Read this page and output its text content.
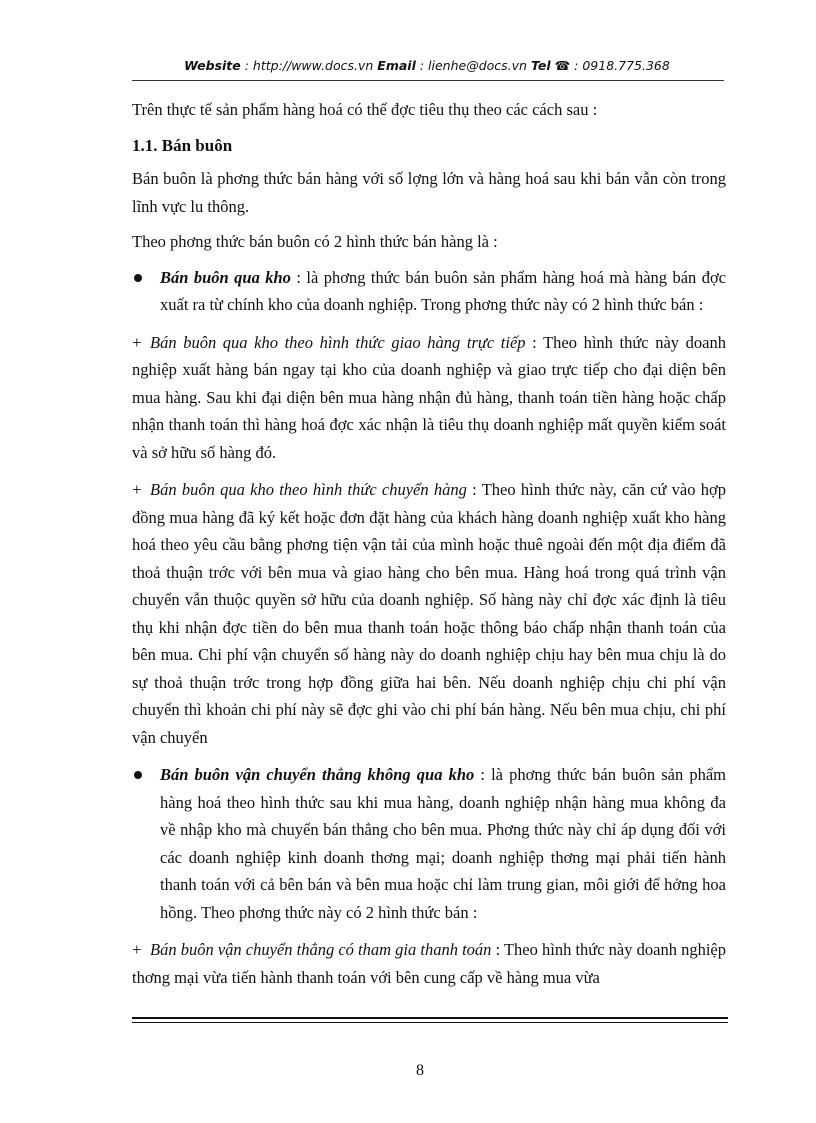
Website : http://www.docs.vn Email : lienhe@docs.vn Tel ☎ : 0918.775.368

Trên thực tế sản phẩm hàng hoá có thể đợc tiêu thụ theo các cách sau :

1.1. Bán buôn

Bán buôn là phơng thức bán hàng với số lợng lớn và hàng hoá sau khi bán vẫn còn trong lĩnh vực lu thông.

Theo phơng thức bán buôn có 2 hình thức bán hàng là :

Bán buôn qua kho : là phơng thức bán buôn sản phẩm hàng hoá mà hàng bán đợc xuất ra từ chính kho của doanh nghiệp. Trong phơng thức này có 2 hình thức bán :

+ Bán buôn qua kho theo hình thức giao hàng trực tiếp : Theo hình thức này doanh nghiệp xuất hàng bán ngay tại kho của doanh nghiệp và giao trực tiếp cho đại diện bên mua hàng. Sau khi đại diện bên mua hàng nhận đủ hàng, thanh toán tiền hàng hoặc chấp nhận thanh toán thì hàng hoá đợc xác nhận là tiêu thụ doanh nghiệp mất quyền kiểm soát và sở hữu số hàng đó.

+ Bán buôn qua kho theo hình thức chuyển hàng : Theo hình thức này, căn cứ vào hợp đồng mua hàng đã ký kết hoặc đơn đặt hàng của khách hàng doanh nghiệp xuất kho hàng hoá theo yêu cầu bằng phơng tiện vận tải của mình hoặc thuê ngoài đến một địa điểm đã thoả thuận trớc với bên mua và giao hàng cho bên mua. Hàng hoá trong quá trình vận chuyển vẫn thuộc quyền sở hữu của doanh nghiệp. Số hàng này chỉ đợc xác định là tiêu thụ khi nhận đợc tiền do bên mua thanh toán hoặc thông báo chấp nhận thanh toán của bên mua. Chi phí vận chuyển số hàng này do doanh nghiệp chịu hay bên mua chịu là do sự thoả thuận trớc trong hợp đồng giữa hai bên. Nếu doanh nghiệp chịu chi phí vận chuyển thì khoản chi phí này sẽ đợc ghi vào chi phí bán hàng. Nếu bên mua chịu, chi phí vận chuyển

Bán buôn vận chuyển thẳng không qua kho : là phơng thức bán buôn sản phẩm hàng hoá theo hình thức sau khi mua hàng, doanh nghiệp nhận hàng mua không đa về nhập kho mà chuyển bán thẳng cho bên mua. Phơng thức này chỉ áp dụng đối với các doanh nghiệp kinh doanh thơng mại; doanh nghiệp thơng mại phải tiến hành thanh toán với cả bên bán và bên mua hoặc chỉ làm trung gian, môi giới để hởng hoa hồng. Theo phơng thức này có 2 hình thức bán :

+ Bán buôn vận chuyển thẳng có tham gia thanh toán : Theo hình thức này doanh nghiệp thơng mại vừa tiến hành thanh toán với bên cung cấp về hàng mua vừa

8
